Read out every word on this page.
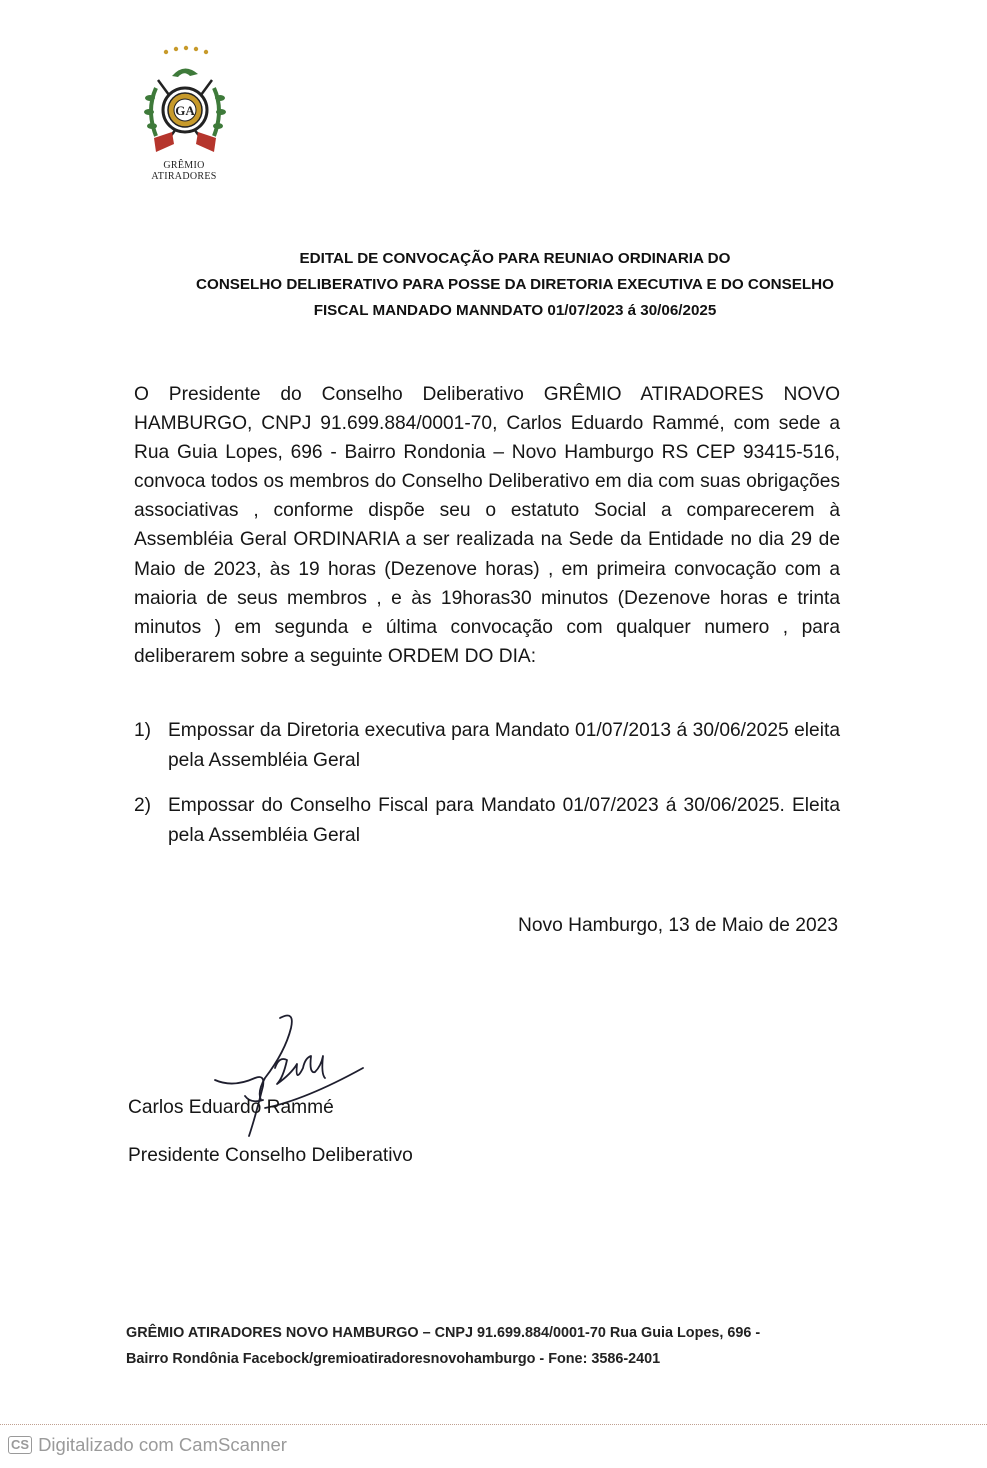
GA
GRÊMIO
ATIRADORES
EDITAL DE CONVOCAÇÃO PARA REUNIAO ORDINARIA DO
CONSELHO DELIBERATIVO PARA POSSE DA DIRETORIA EXECUTIVA E DO CONSELHO
FISCAL MANDADO MANNDATO 01/07/2023 á 30/06/2025

O Presidente do Conselho Deliberativo GRÊMIO ATIRADORES NOVO HAMBURGO, CNPJ 91.699.884/0001-70, Carlos Eduardo Rammé, com sede a Rua Guia Lopes, 696 - Bairro Rondonia – Novo Hamburgo RS CEP 93415-516, convoca todos os membros do Conselho Deliberativo em dia com suas obrigações associativas , conforme dispõe seu o estatuto Social a comparecerem à Assembléia Geral ORDINARIA a ser realizada na Sede da Entidade no dia 29 de Maio de 2023, às 19 horas (Dezenove horas) , em primeira convocação com a maioria de seus membros , e às 19horas30 minutos (Dezenove horas e trinta minutos ) em segunda e última convocação com qualquer numero , para deliberarem sobre a seguinte ORDEM DO DIA:

1) Empossar da Diretoria executiva para Mandato 01/07/2013 á 30/06/2025 eleita pela Assembléia Geral
2) Empossar do Conselho Fiscal para Mandato 01/07/2023 á 30/06/2025. Eleita pela Assembléia Geral
Novo Hamburgo, 13 de Maio de 2023
Carlos Eduardo Rammé
Presidente Conselho Deliberativo
GRÊMIO ATIRADORES NOVO HAMBURGO – CNPJ 91.699.884/0001-70 Rua Guia Lopes, 696 -
Bairro Rondônia Facebock/gremioatiradoresnovohamburgo - Fone: 3586-2401
CS Digitalizado com CamScanner
